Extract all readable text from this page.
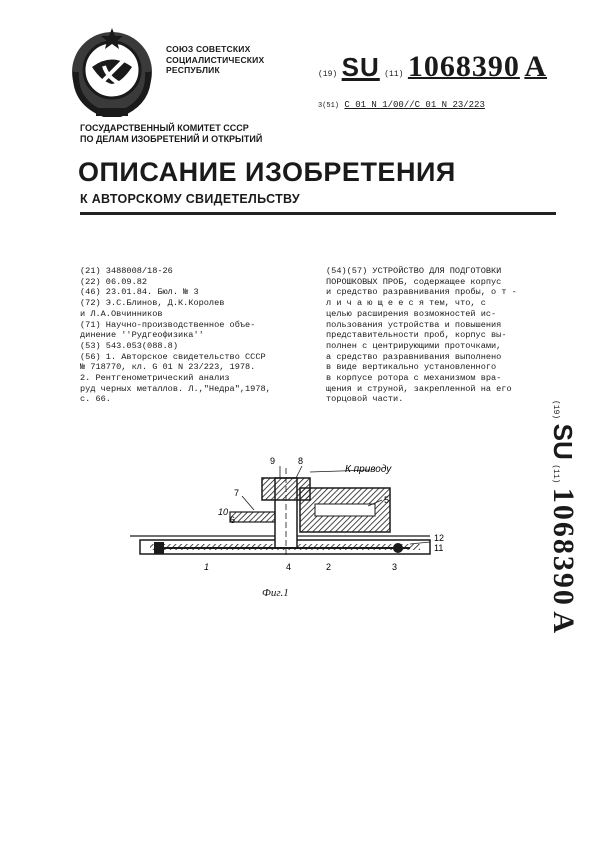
СОЮЗ СОВЕТСКИХ
СОЦИАЛИСТИЧЕСКИХ
РЕСПУБЛИК	(19) SU (11) 1068390 A
3(51) С 01 N 1/00//С 01 N 23/223
ГОСУДАРСТВЕННЫЙ КОМИТЕТ СССР
ПО ДЕЛАМ ИЗОБРЕТЕНИЙ И ОТКРЫТИЙ
ОПИСАНИЕ ИЗОБРЕТЕНИЯ
К АВТОРСКОМУ СВИДЕТЕЛЬСТВУ
(21) 3488008/18-26
(22) 06.09.82
(46) 23.01.84. Бюл. № 3
(72) Э.С.Блинов, Д.К.Королев
и Л.А.Овчинников
(71) Научно-производственное объе-
динение ''Рудгеофизика''
(53) 543.053(088.8)
(56) 1. Авторское свидетельство СССР
№ 718770, кл. G 01 N 23/223, 1978.
2. Рентгенометрический анализ
руд черных металлов. Л.,"Недра",1978,
с. 66.
(54)(57) УСТРОЙСТВО ДЛЯ ПОДГОТОВКИ
ПОРОШКОВЫХ ПРОБ, содержащее корпус
и средство разравнивания пробы, о т -
л и ч а ю щ е е с я тем, что, с
целью расширения возможностей ис-
пользования устройства и повышения
представительности проб, корпус вы-
полнен с центрирующими проточками,
а средство разравнивания выполнено
в виде вертикально установленного
в корпусе ротора с механизмом вра-
щения и струной, закрепленной на его
торцовой части.
(19) SU (11) 1068390 A
К приводу
9	8
7
6
10
5
12
11
1	4	2	3
Фиг.1
